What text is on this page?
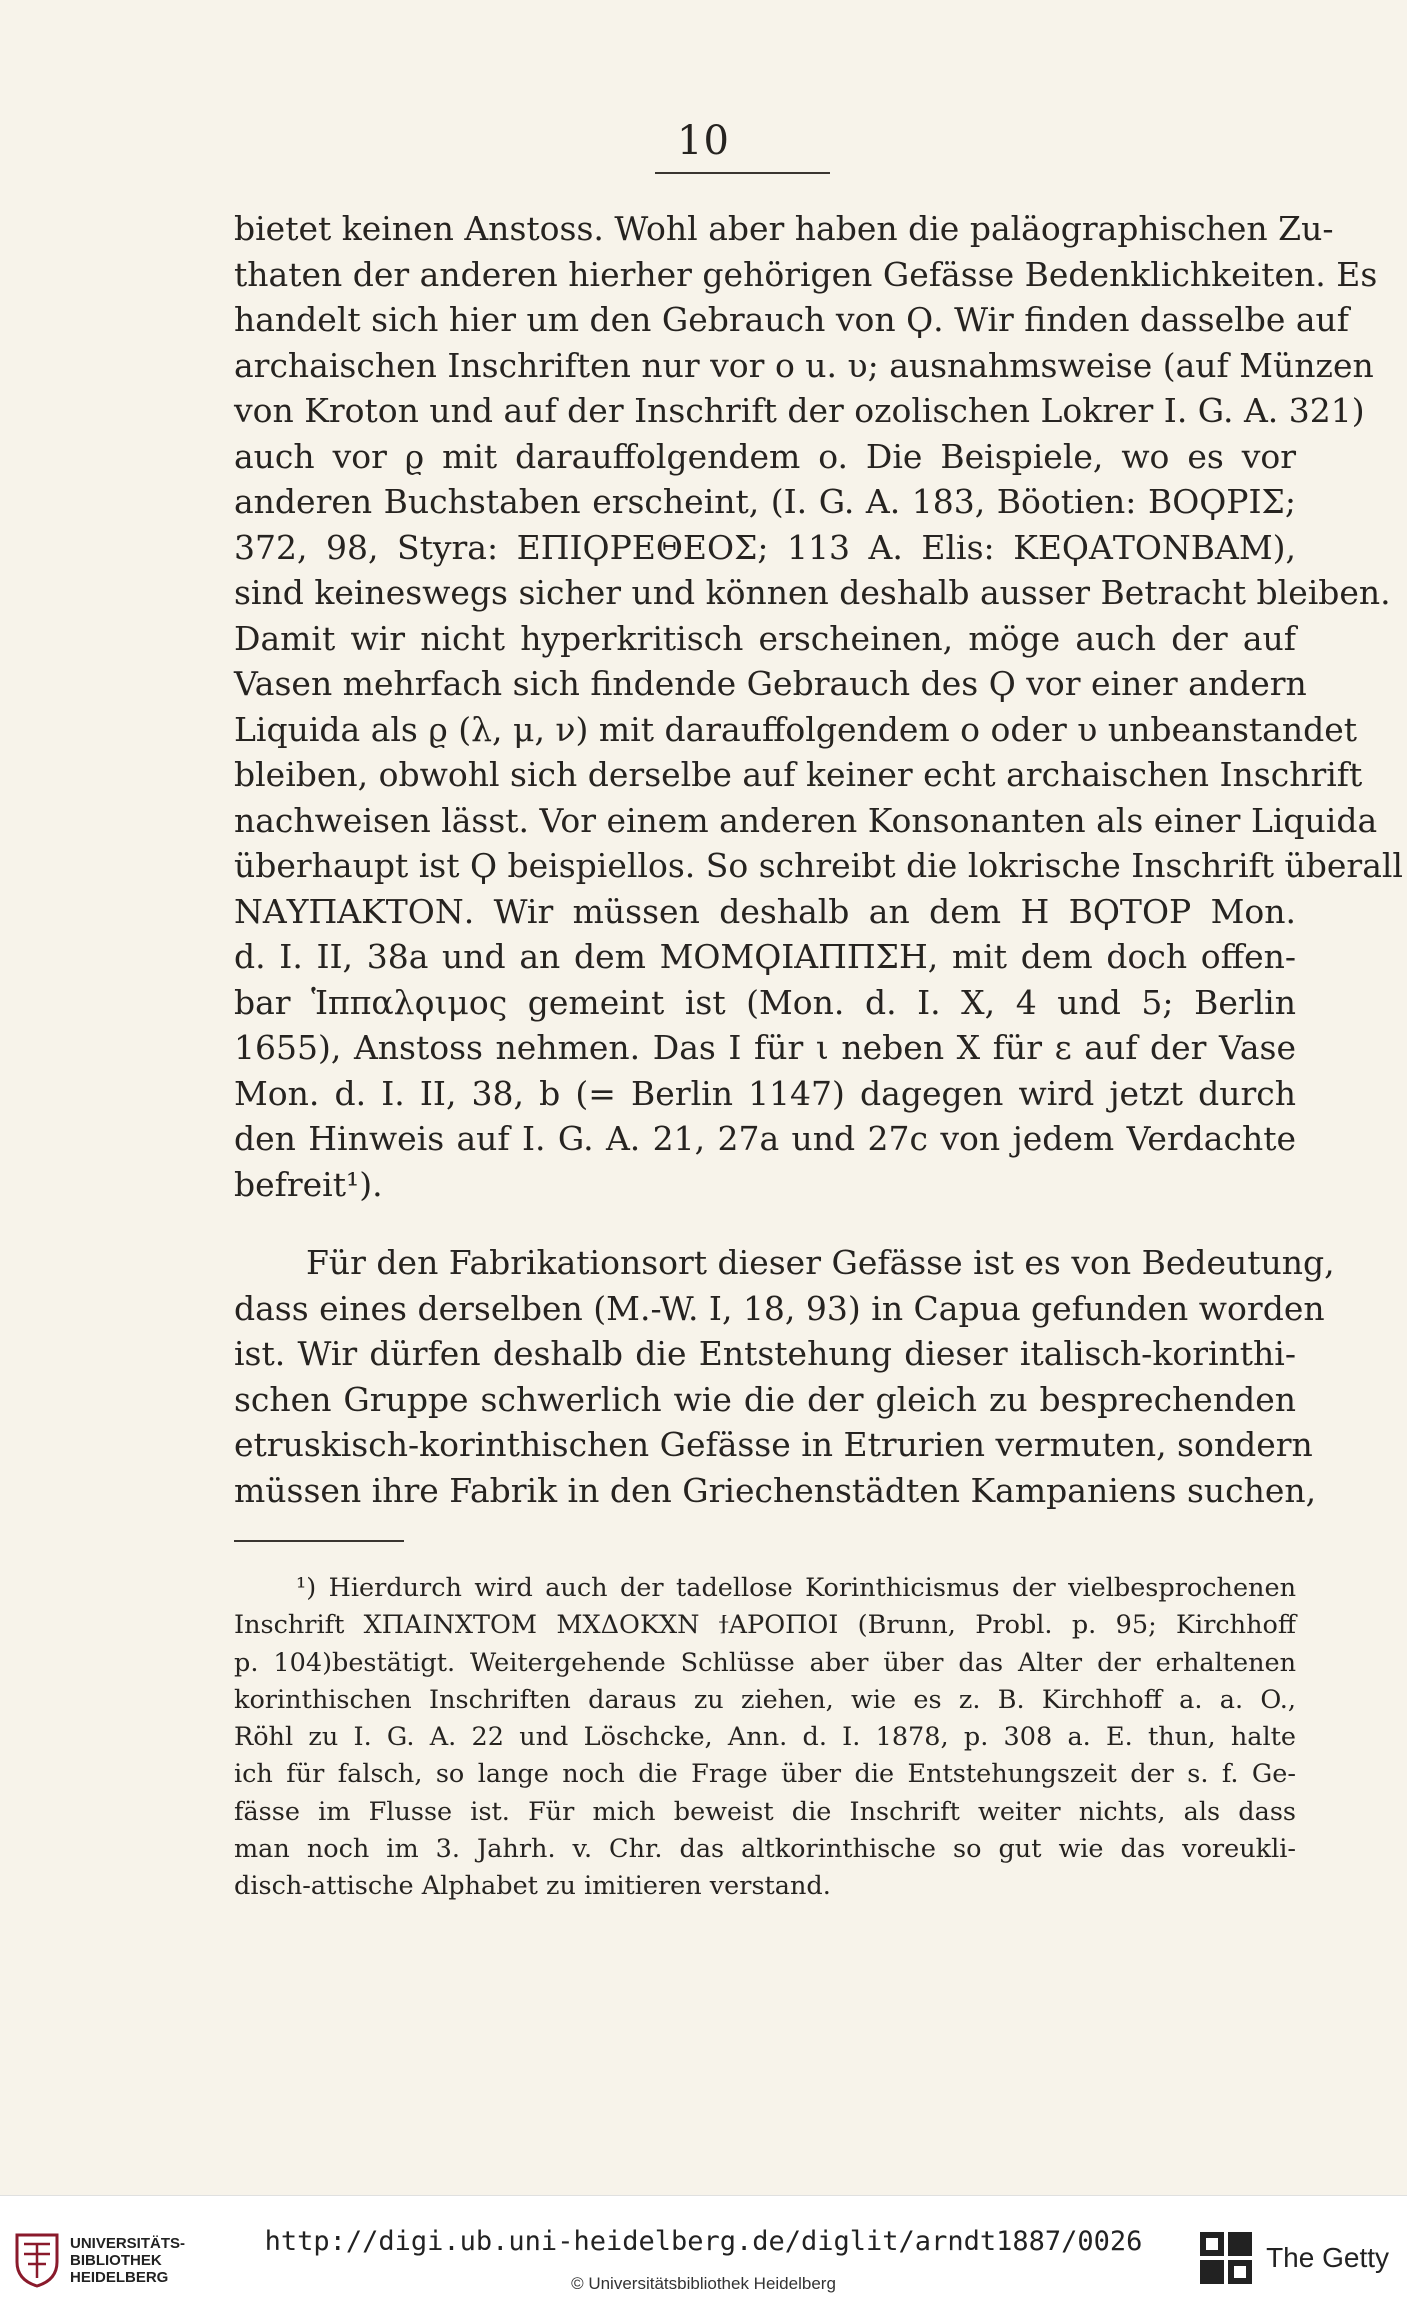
10
bietet keinen Anstoss. Wohl aber haben die paläographischen Zu-
thaten der anderen hierher gehörigen Gefässe Bedenklichkeiten. Es
handelt sich hier um den Gebrauch von Ϙ. Wir finden dasselbe auf
archaischen Inschriften nur vor o u. υ; ausnahmsweise (auf Münzen
von Kroton und auf der Inschrift der ozolischen Lokrer I. G. A. 321)
auch vor ϱ mit darauffolgendem o. Die Beispiele, wo es vor
anderen Buchstaben erscheint, (I. G. A. 183, Böotien: ΒΟϘΡΙΣ;
372, 98, Styra: ΕΠΙϘΡΕΘΕΟΣ; 113 A. Elis: ΚΕϘΑΤΟΝΒΑΜ),
sind keineswegs sicher und können deshalb ausser Betracht bleiben.
Damit wir nicht hyperkritisch erscheinen, möge auch der auf
Vasen mehrfach sich findende Gebrauch des Ϙ vor einer andern
Liquida als ϱ (λ, μ, ν) mit darauffolgendem o oder υ unbeanstandet
bleiben, obwohl sich derselbe auf keiner echt archaischen Inschrift
nachweisen lässt. Vor einem anderen Konsonanten als einer Liquida
überhaupt ist Ϙ beispiellos. So schreibt die lokrische Inschrift überall
ΝΑΥΠΑΚΤΟΝ. Wir müssen deshalb an dem Η ΒϘΤΟΡ Mon.
d. I. II, 38a und an dem ΜΟΜϘΙΑΠΠΣΗ, mit dem doch offen-
bar Ἱππαλϙιμος gemeint ist (Mon. d. I. X, 4 und 5; Berlin
1655), Anstoss nehmen. Das I für ι neben Χ für ε auf der Vase
Mon. d. I. II, 38, b (= Berlin 1147) dagegen wird jetzt durch
den Hinweis auf I. G. A. 21, 27a und 27c von jedem Verdachte
befreit¹).
Für den Fabrikationsort dieser Gefässe ist es von Bedeutung,
dass eines derselben (M.-W. I, 18, 93) in Capua gefunden worden
ist. Wir dürfen deshalb die Entstehung dieser italisch-korinthi-
schen Gruppe schwerlich wie die der gleich zu besprechenden
etruskisch-korinthischen Gefässe in Etrurien vermuten, sondern
müssen ihre Fabrik in den Griechenstädten Kampaniens suchen,
¹) Hierdurch wird auch der tadellose Korinthicismus der vielbesprochenen
Inschrift ΧΠΑΙΝΧΤΟΜ ΜΧΔΟΚΧΝ ϯΑΡΟΠΟΙ (Brunn, Probl. p. 95; Kirchhoff
p. 104)bestätigt. Weitergehende Schlüsse aber über das Alter der erhaltenen
korinthischen Inschriften daraus zu ziehen, wie es z. B. Kirchhoff a. a. O.,
Röhl zu I. G. A. 22 und Löschcke, Ann. d. I. 1878, p. 308 a. E. thun, halte
ich für falsch, so lange noch die Frage über die Entstehungszeit der s. f. Ge-
fässe im Flusse ist. Für mich beweist die Inschrift weiter nichts, als dass
man noch im 3. Jahrh. v. Chr. das altkorinthische so gut wie das voreukli-
disch-attische Alphabet zu imitieren verstand.
UNIVERSITÄTS-
BIBLIOTHEK
HEIDELBERG
http://digi.ub.uni-heidelberg.de/diglit/arndt1887/0026
© Universitätsbibliothek Heidelberg
The Getty
